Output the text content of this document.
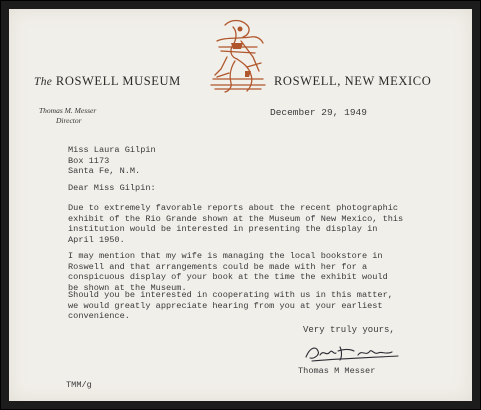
The ROSWELL MUSEUM	ROSWELL, NEW MEXICO
Thomas M. Messer
Director
December 29, 1949
Miss Laura Gilpin
Box 1173
Santa Fe, N.M.
Dear Miss Gilpin:
Due to extremely favorable reports about the recent photographic
exhibit of the Rio Grande shown at the Museum of New Mexico, this
institution would be interested in presenting the display in
April 1950.
I may mention that my wife is managing the local bookstore in
Roswell and that arrangements could be made with her for a
conspicuous display of your book at the time the exhibit would
be shown at the Museum.
Should you be interested in cooperating with us in this matter,
we would greatly appreciate hearing from you at your earliest
convenience.
Very truly yours,
Thomas M Messer
TMM/g
